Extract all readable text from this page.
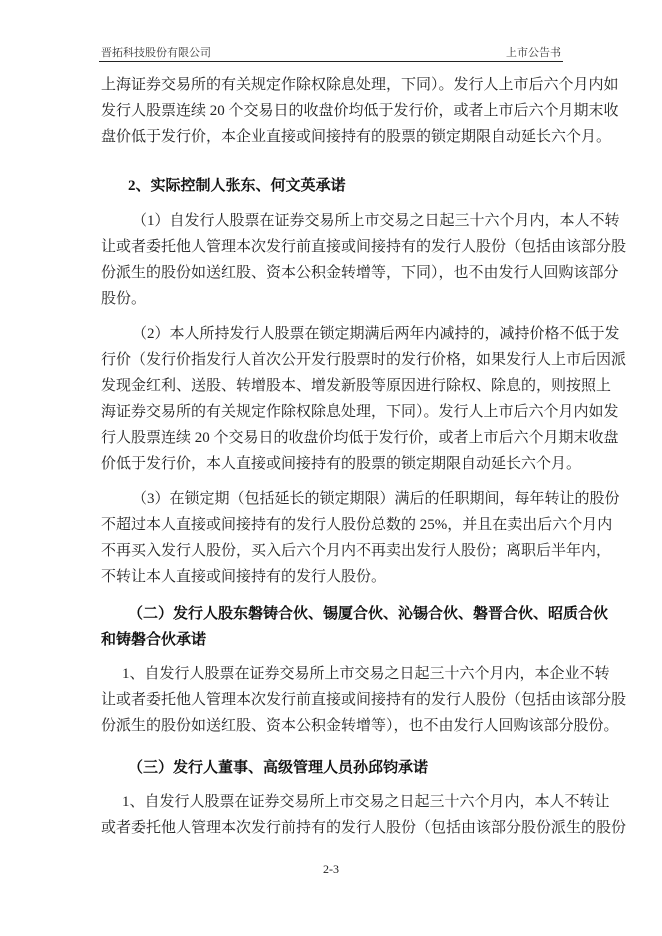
晋拓科技股份有限公司	上市公告书
上海证券交易所的有关规定作除权除息处理，下同）。发行人上市后六个月内如
发行人股票连续 20 个交易日的收盘价均低于发行价，或者上市后六个月期末收
盘价低于发行价，本企业直接或间接持有的股票的锁定期限自动延长六个月。
2、实际控制人张东、何文英承诺
（1）自发行人股票在证券交易所上市交易之日起三十六个月内，本人不转
让或者委托他人管理本次发行前直接或间接持有的发行人股份（包括由该部分股
份派生的股份如送红股、资本公积金转增等，下同），也不由发行人回购该部分
股份。
（2）本人所持发行人股票在锁定期满后两年内减持的，减持价格不低于发
行价（发行价指发行人首次公开发行股票时的发行价格，如果发行人上市后因派
发现金红利、送股、转增股本、增发新股等原因进行除权、除息的，则按照上
海证券交易所的有关规定作除权除息处理，下同）。发行人上市后六个月内如发
行人股票连续 20 个交易日的收盘价均低于发行价，或者上市后六个月期末收盘
价低于发行价，本人直接或间接持有的股票的锁定期限自动延长六个月。
（3）在锁定期（包括延长的锁定期限）满后的任职期间，每年转让的股份
不超过本人直接或间接持有的发行人股份总数的 25%，并且在卖出后六个月内
不再买入发行人股份，买入后六个月内不再卖出发行人股份；离职后半年内，
不转让本人直接或间接持有的发行人股份。
（二）发行人股东磐铸合伙、锡厦合伙、沁锡合伙、磐晋合伙、昭质合伙
和铸磐合伙承诺
1、自发行人股票在证券交易所上市交易之日起三十六个月内，本企业不转
让或者委托他人管理本次发行前直接或间接持有的发行人股份（包括由该部分股
份派生的股份如送红股、资本公积金转增等），也不由发行人回购该部分股份。
（三）发行人董事、高级管理人员孙邱钧承诺
1、自发行人股票在证券交易所上市交易之日起三十六个月内，本人不转让
或者委托他人管理本次发行前持有的发行人股份（包括由该部分股份派生的股份
2-3
